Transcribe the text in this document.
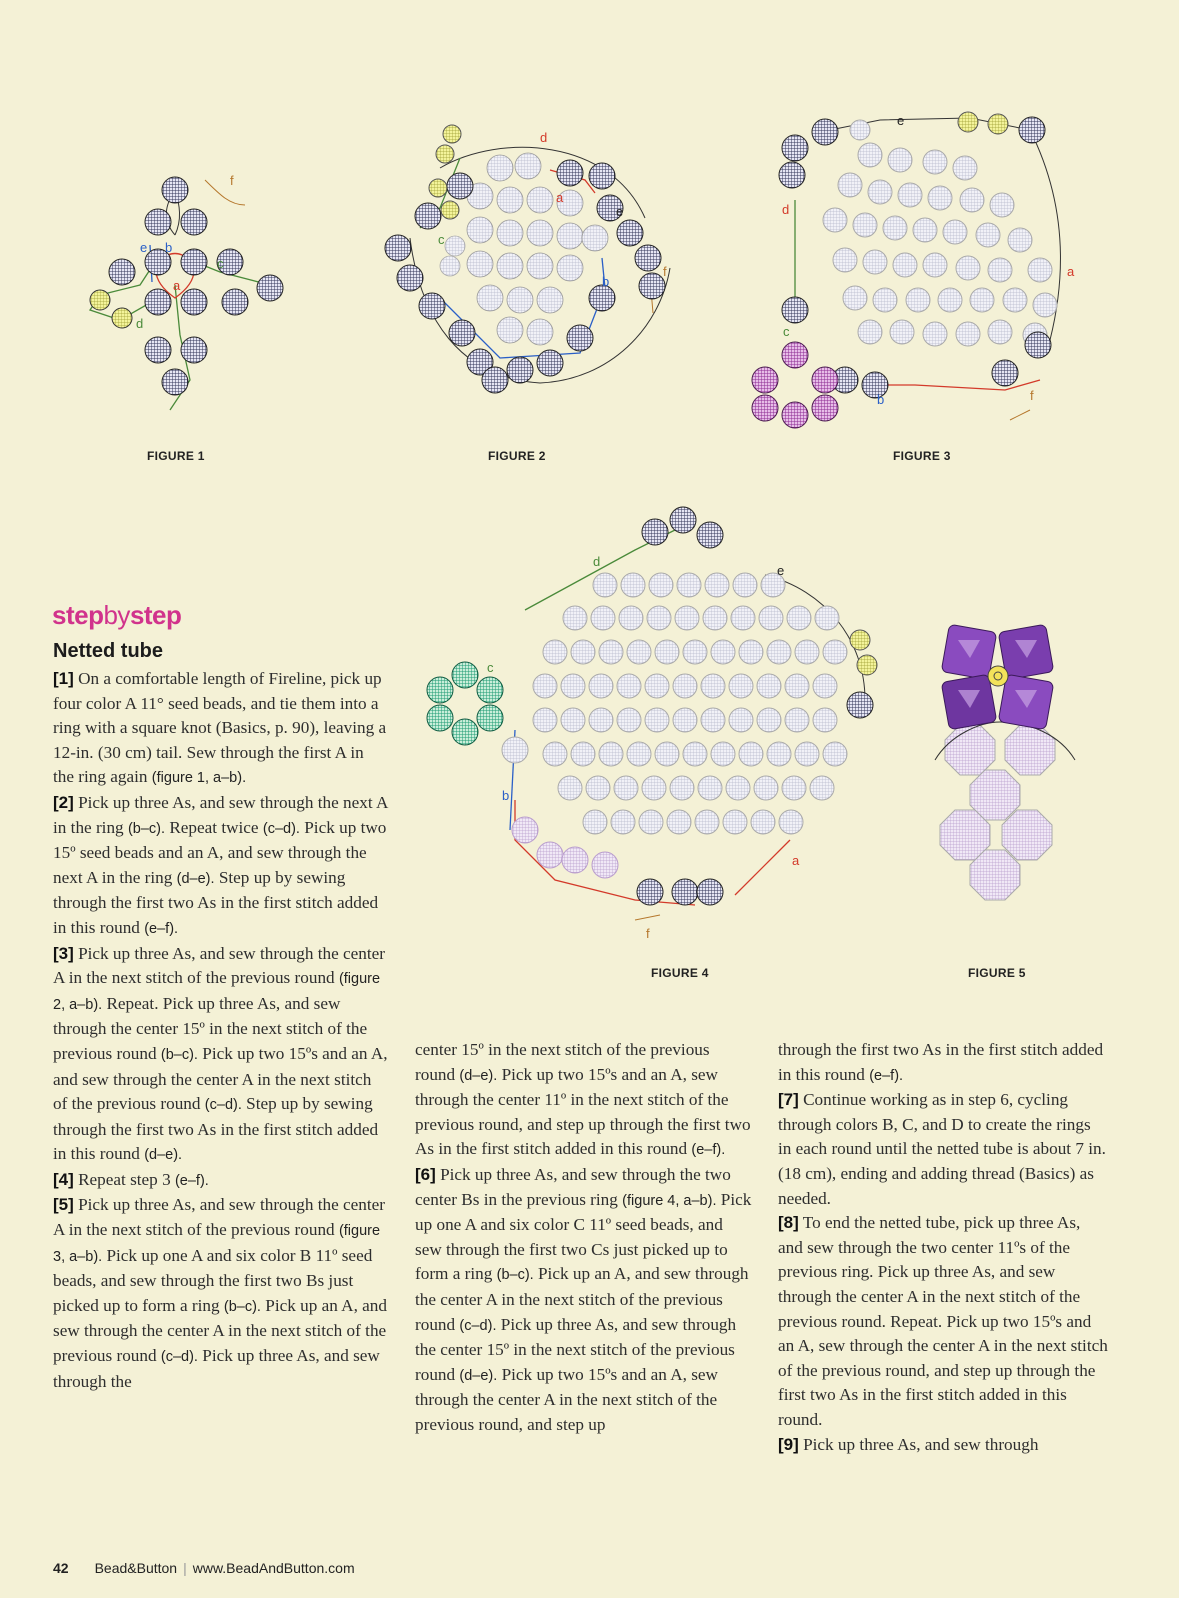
f
e b
a
c
d
FIGURE 1
d
a
e
c
b
f
FIGURE 2
e
d
c
b
a
f
FIGURE 3
d
e
c
b
a
f
FIGURE 4	FIGURE 5
stepbystep
Netted tube

[1] On a comfortable length of Fireline, pick up four color A 11° seed beads, and tie them into a ring with a square knot (Basics, p. 90), leaving a 12-in. (30 cm) tail. Sew through the first A in the ring again (figure 1, a–b).

[2] Pick up three As, and sew through the next A in the ring (b–c). Repeat twice (c–d). Pick up two 15º seed beads and an A, and sew through the next A in the ring (d–e). Step up by sewing through the first two As in the first stitch added in this round (e–f).

[3] Pick up three As, and sew through the center A in the next stitch of the previous round (figure 2, a–b). Repeat. Pick up three As, and sew through the center 15º in the next stitch of the previous round (b–c). Pick up two 15ºs and an A, and sew through the center A in the next stitch of the previous round (c–d). Step up by sewing through the first two As in the first stitch added in this round (d–e).

[4] Repeat step 3 (e–f).

[5] Pick up three As, and sew through the center A in the next stitch of the previous round (figure 3, a–b). Pick up one A and six color B 11º seed beads, and sew through the first two Bs just picked up to form a ring (b–c). Pick up an A, and sew through the center A in the next stitch of the previous round (c–d). Pick up three As, and sew through the

center 15º in the next stitch of the previous round (d–e). Pick up two 15ºs and an A, sew through the center 11º in the next stitch of the previous round, and step up through the first two As in the first stitch added in this round (e–f).

[6] Pick up three As, and sew through the two center Bs in the previous ring (figure 4, a–b). Pick up one A and six color C 11º seed beads, and sew through the first two Cs just picked up to form a ring (b–c). Pick up an A, and sew through the center A in the next stitch of the previous round (c–d). Pick up three As, and sew through the center 15º in the next stitch of the previous round (d–e). Pick up two 15ºs and an A, sew through the center A in the next stitch of the previous round, and step up

through the first two As in the first stitch added in this round (e–f).

[7] Continue working as in step 6, cycling through colors B, C, and D to create the rings in each round until the netted tube is about 7 in. (18 cm), ending and adding thread (Basics) as needed.

[8] To end the netted tube, pick up three As, and sew through the two center 11ºs of the previous ring. Pick up three As, and sew through the center A in the next stitch of the previous round. Repeat. Pick up two 15ºs and an A, sew through the center A in the next stitch of the previous round, and step up through the first two As in the first stitch added in this round.

[9] Pick up three As, and sew through

42 Bead&Button | www.BeadAndButton.com
